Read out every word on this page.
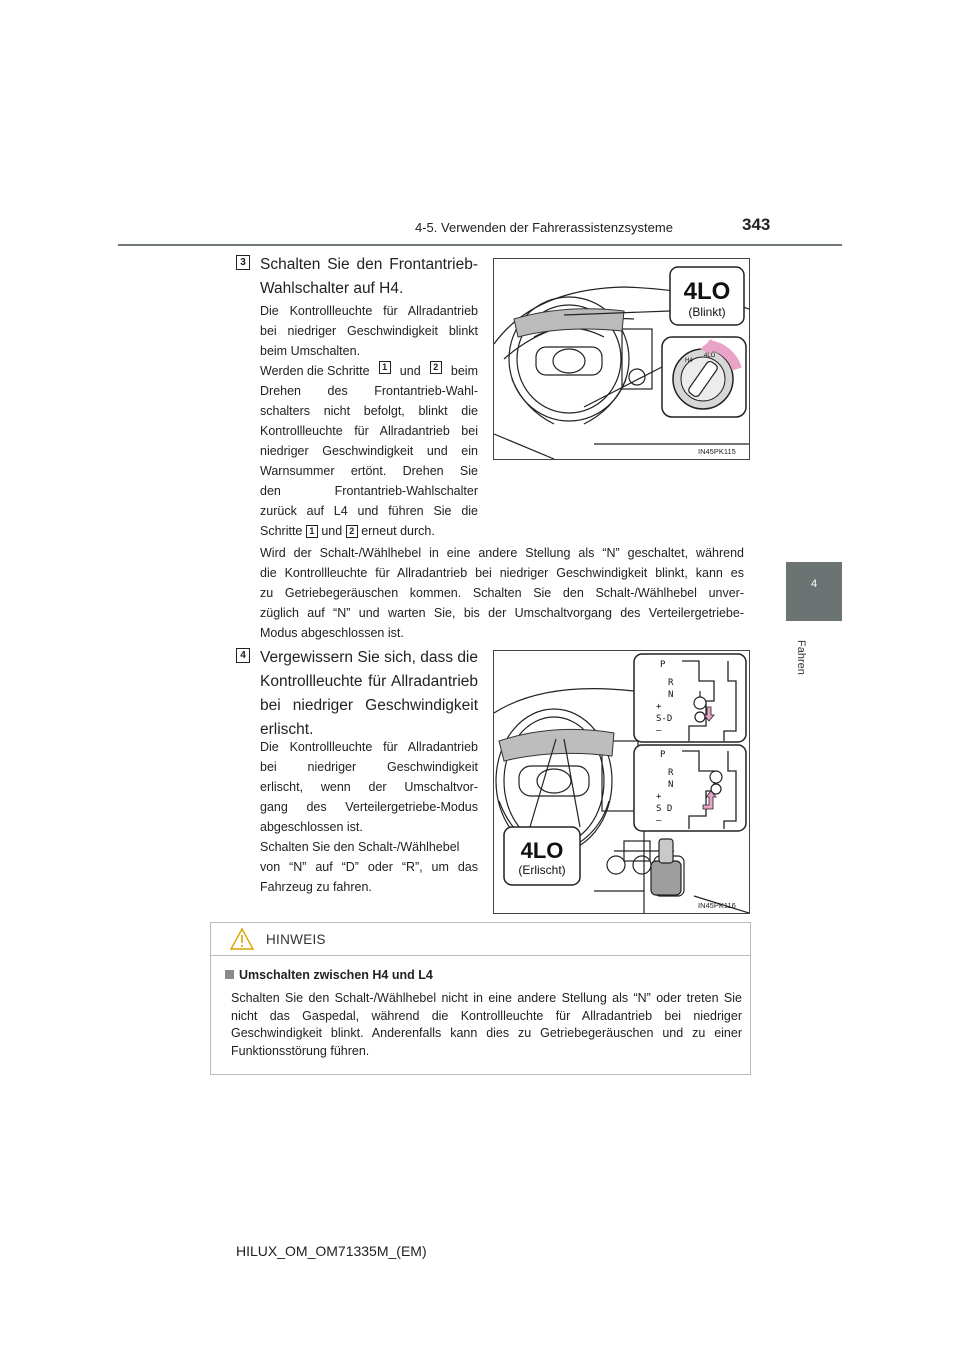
4-5. Verwenden der Fahrerassistenzsysteme	343
4
Fahren
3 Schalten Sie den Frontantrieb-
Wahlschalter auf H4.
Die Kontrollleuchte für Allradantrieb
bei niedriger Geschwindigkeit blinkt
beim Umschalten.
Werden die Schritte	1 und	2 beim
Drehen des Frontantrieb-Wahl-
schalters nicht befolgt, blinkt die
Kontrollleuchte für Allradantrieb bei
niedriger Geschwindigkeit und ein
Warnsummer ertönt. Drehen Sie
den Frontantrieb-Wahlschalter
zurück auf L4 und führen Sie die
Schritte 1 und 2 erneut durch.
4LO
(Blinkt)
H4
4LO
IN45PK115
Wird der Schalt-/Wählhebel in eine andere Stellung als “N” geschaltet, während
die Kontrollleuchte für Allradantrieb bei niedriger Geschwindigkeit blinkt, kann es
zu Getriebegeräuschen kommen. Schalten Sie den Schalt-/Wählhebel unver-
züglich auf “N” und warten Sie, bis der Umschaltvorgang des Verteilergetriebe-
Modus abgeschlossen ist.
4 Vergewissern Sie sich, dass die
Kontrollleuchte für Allradantrieb
bei niedriger Geschwindigkeit
erlischt.
Die Kontrollleuchte für Allradantrieb
bei niedriger Geschwindigkeit
erlischt, wenn der Umschaltvor-
gang des Verteilergetriebe-Modus
abgeschlossen ist.
Schalten Sie den Schalt-/Wählhebel
von “N” auf “D” oder “R”, um das
Fahrzeug zu fahren.
4LO
(Erlischt)
P
R
N
+
S-D
–
P
R
N
+
S D
–
IN45PK116
HINWEIS
Umschalten zwischen H4 und L4
Schalten Sie den Schalt-/Wählhebel nicht in eine andere Stellung als “N” oder treten Sie nicht das Gaspedal, während die Kontrollleuchte für Allradantrieb bei niedriger Geschwindigkeit blinkt. Anderenfalls kann dies zu Getriebegeräuschen und zu einer Funktionsstörung führen.
HILUX_OM_OM71335M_(EM)
